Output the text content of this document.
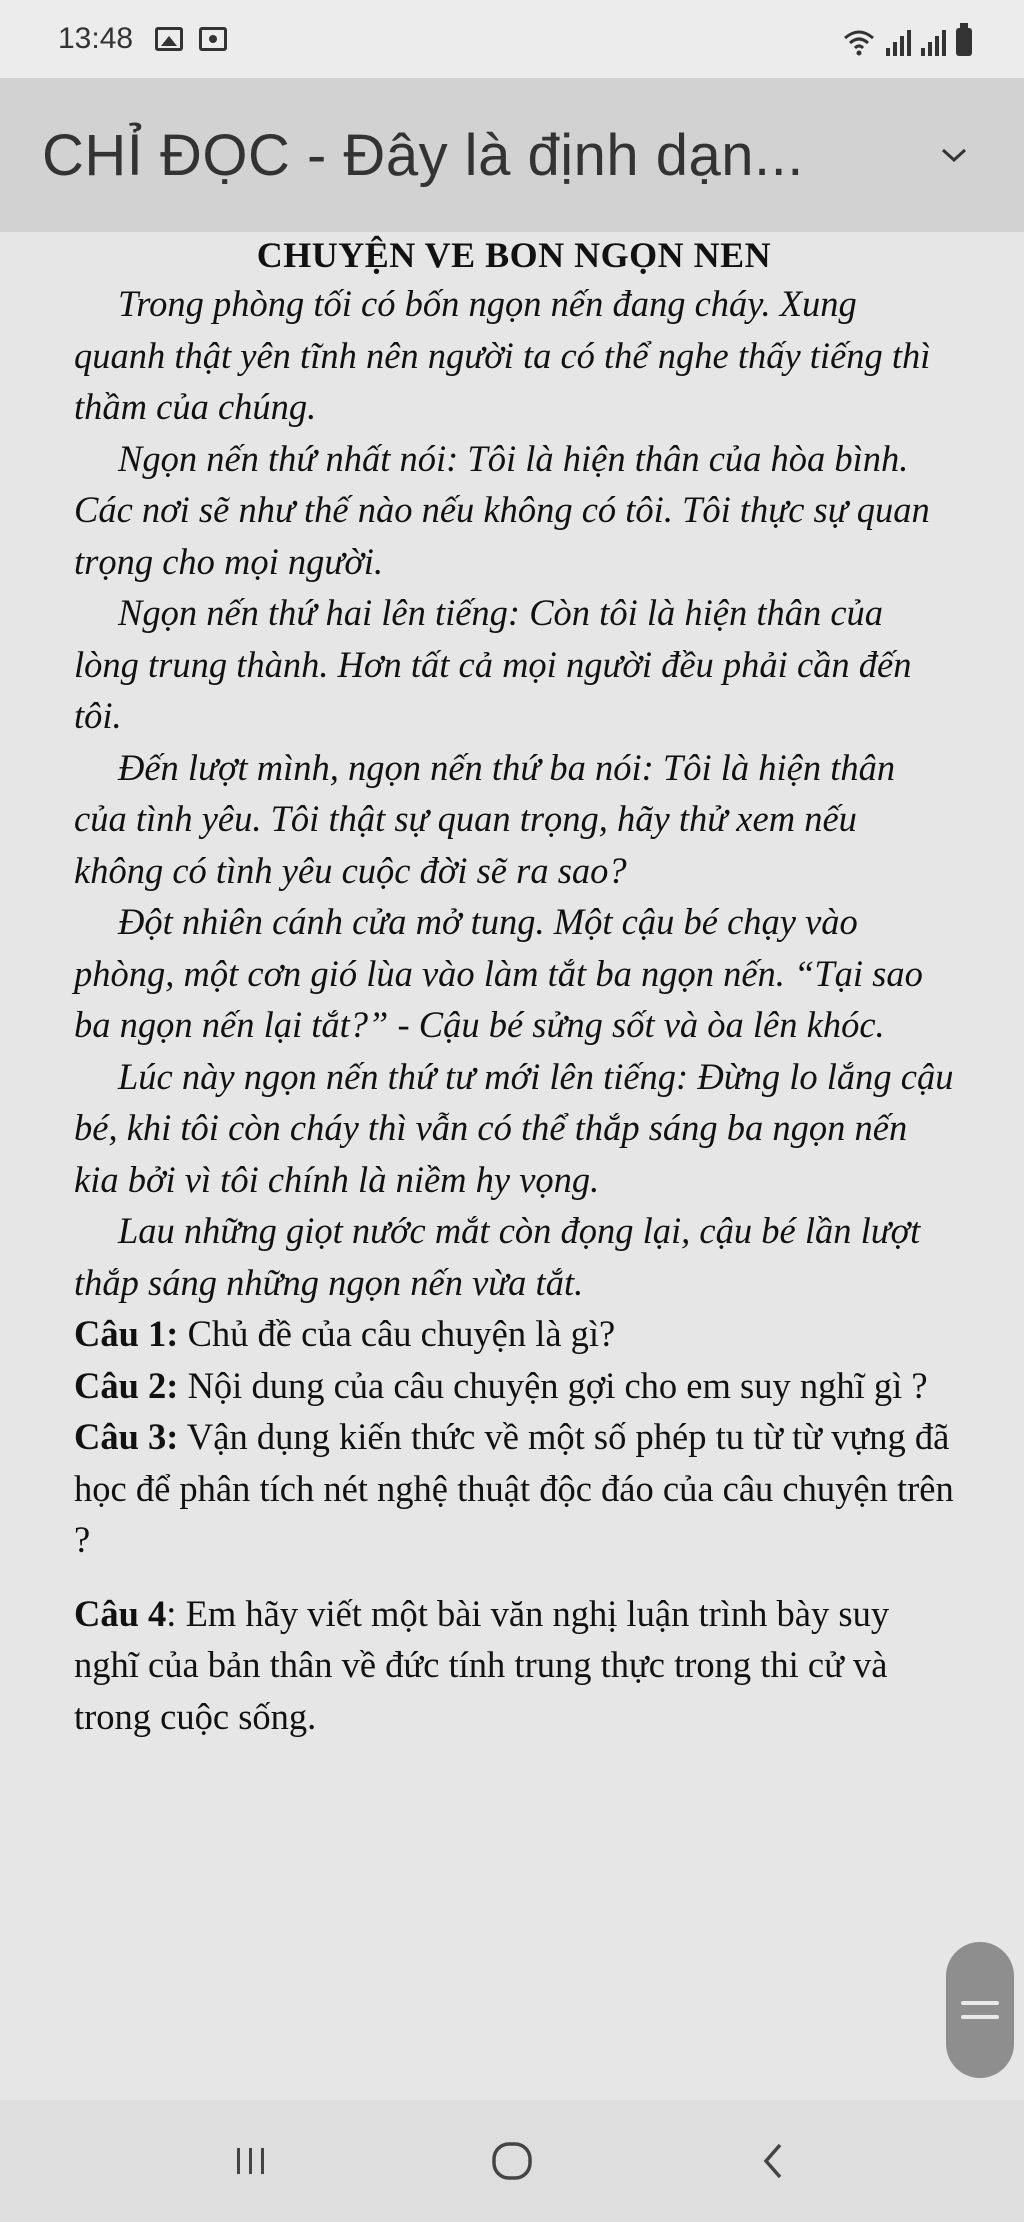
13:48
CHỈ ĐỌC - Đây là định dạn...
CHUYỆN VE BON NGỌN NEN

Trong phòng tối có bốn ngọn nến đang cháy. Xung quanh thật yên tĩnh nên người ta có thể nghe thấy tiếng thì thầm của chúng.

Ngọn nến thứ nhất nói: Tôi là hiện thân của hòa bình. Các nơi sẽ như thế nào nếu không có tôi. Tôi thực sự quan trọng cho mọi người.

Ngọn nến thứ hai lên tiếng: Còn tôi là hiện thân của lòng trung thành. Hơn tất cả mọi người đều phải cần đến tôi.

Đến lượt mình, ngọn nến thứ ba nói: Tôi là hiện thân của tình yêu. Tôi thật sự quan trọng, hãy thử xem nếu không có tình yêu cuộc đời sẽ ra sao?

Đột nhiên cánh cửa mở tung. Một cậu bé chạy vào phòng, một cơn gió lùa vào làm tắt ba ngọn nến. “Tại sao ba ngọn nến lại tắt?” - Cậu bé sửng sốt và òa lên khóc.

Lúc này ngọn nến thứ tư mới lên tiếng: Đừng lo lắng cậu bé, khi tôi còn cháy thì vẫn có thể thắp sáng ba ngọn nến kia bởi vì tôi chính là niềm hy vọng.

Lau những giọt nước mắt còn đọng lại, cậu bé lần lượt thắp sáng những ngọn nến vừa tắt.

Câu 1: Chủ đề của câu chuyện là gì?

Câu 2: Nội dung của câu chuyện gợi cho em suy nghĩ gì ?

Câu 3: Vận dụng kiến thức về một số phép tu từ từ vựng đã học để phân tích nét nghệ thuật độc đáo của câu chuyện trên ?

Câu 4: Em hãy viết một bài văn nghị luận trình bày suy nghĩ của bản thân về đức tính trung thực trong thi cử và trong cuộc sống.
